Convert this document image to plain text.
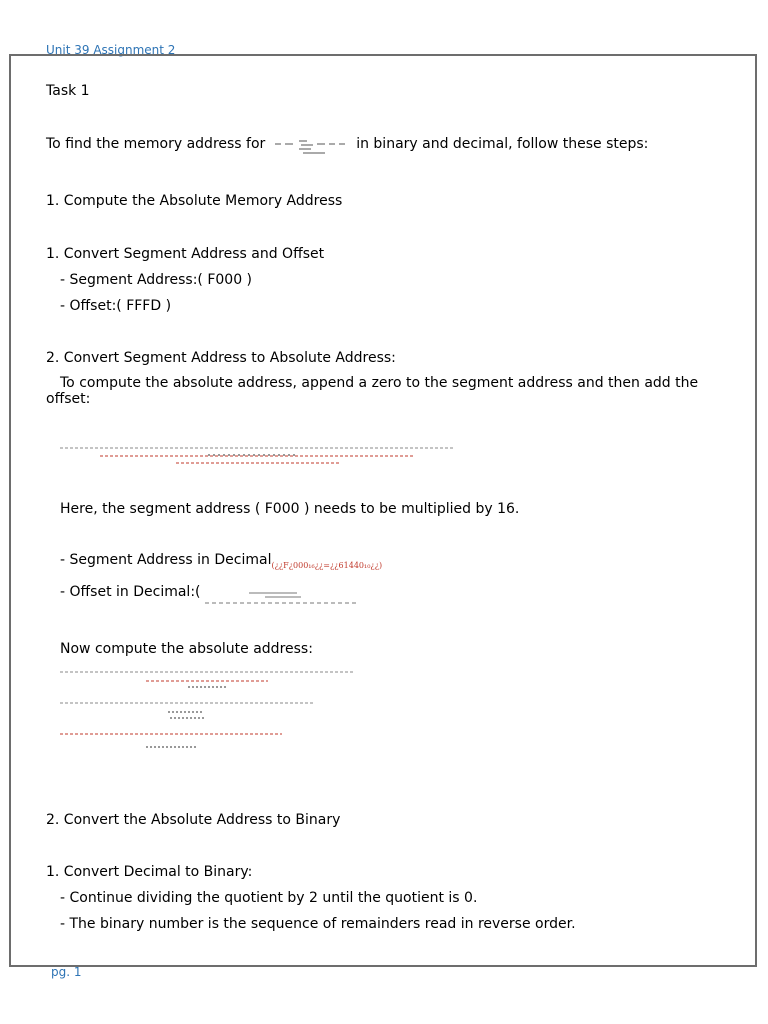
Unit 39 Assignment 2
Task 1
To find the memory address for	in binary and decimal, follow these steps:
1. Compute the Absolute Memory Address
1. Convert Segment Address and Offset
- Segment Address:( F000 )
- Offset:( FFFD )
2. Convert Segment Address to Absolute Address:
To compute the absolute address, append a zero to the segment address and then add the offset:
Here, the segment address ( F000 ) needs to be multiplied by 16.
- Segment Address in Decimal$_{(¿¿F¿000_{16}¿¿=¿¿61440_{10}¿¿)}$
- Offset in Decimal:(
Now compute the absolute address:
2. Convert the Absolute Address to Binary
1. Convert Decimal to Binary:
- Continue dividing the quotient by 2 until the quotient is 0.
- The binary number is the sequence of remainders read in reverse order.
pg. 1
